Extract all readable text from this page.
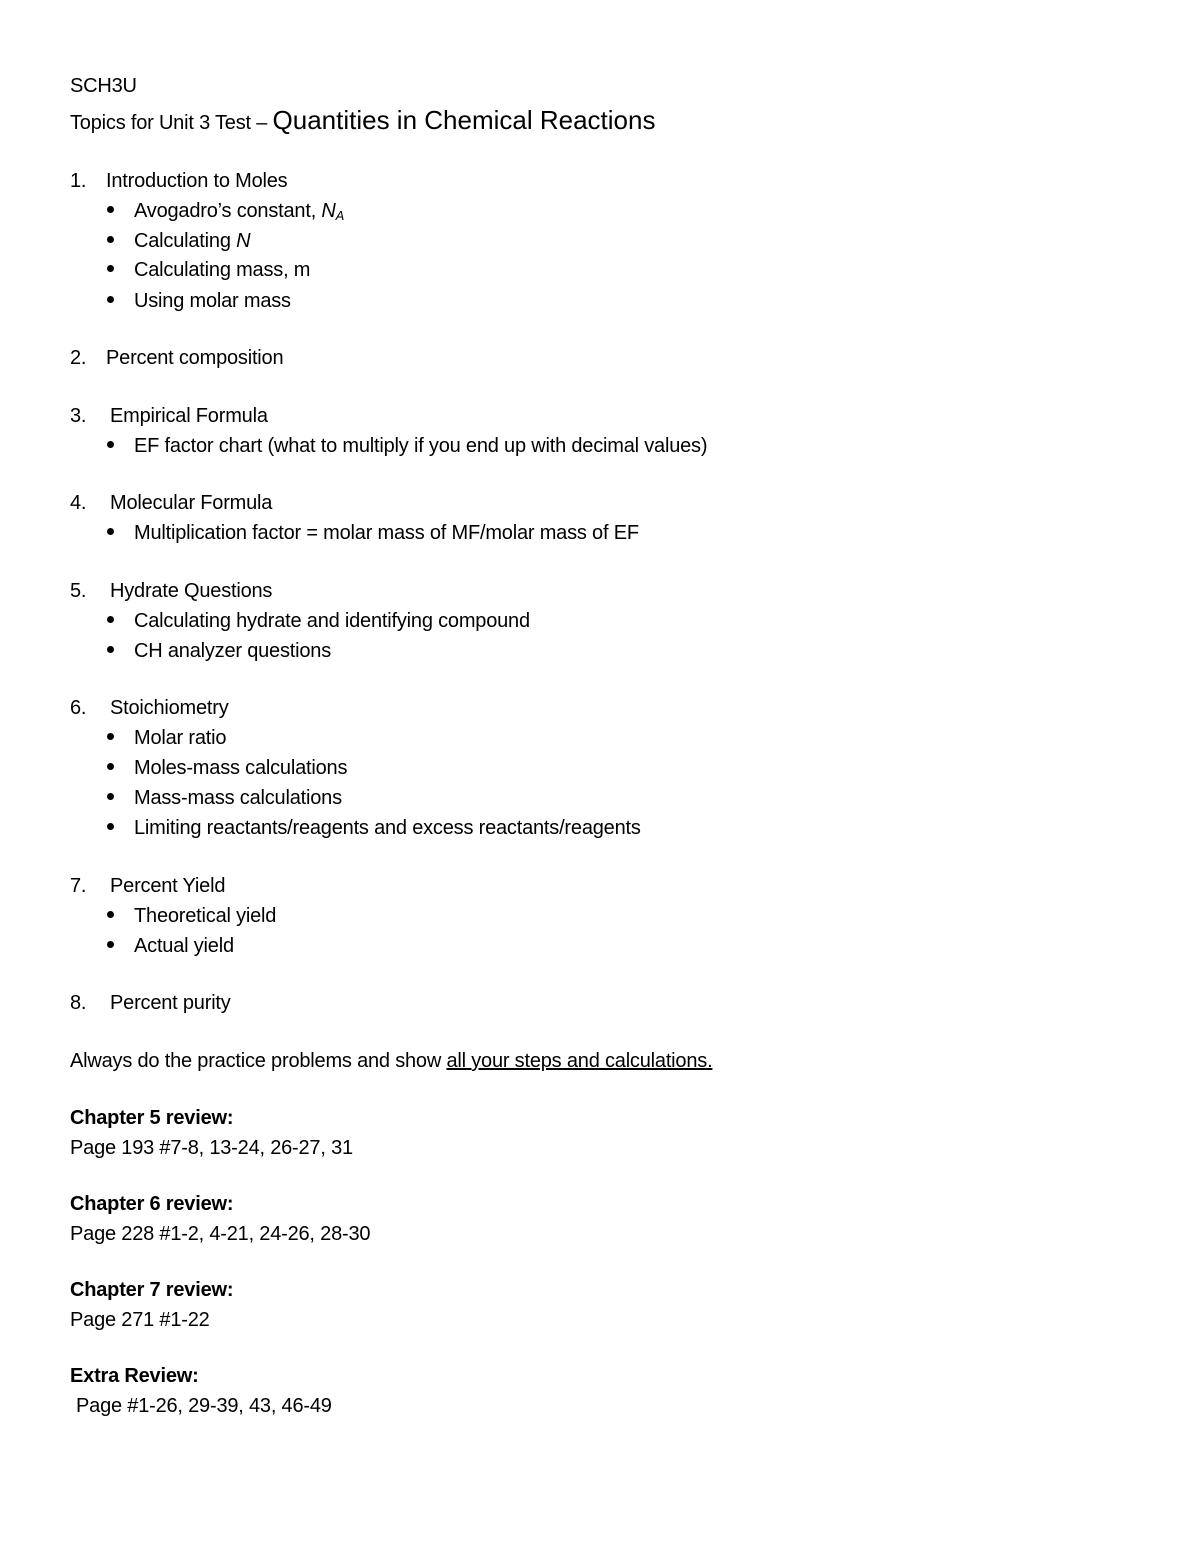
SCH3U
Topics for Unit 3 Test – Quantities in Chemical Reactions
1. Introduction to Moles
Avogadro’s constant, $N_A$
Calculating N
Calculating mass, m
Using molar mass
2. Percent composition
3. Empirical Formula
EF factor chart (what to multiply if you end up with decimal values)
4. Molecular Formula
Multiplication factor = molar mass of MF/molar mass of EF
5. Hydrate Questions
Calculating hydrate and identifying compound
CH analyzer questions
6. Stoichiometry
Molar ratio
Moles-mass calculations
Mass-mass calculations
Limiting reactants/reagents and excess reactants/reagents
7. Percent Yield
Theoretical yield
Actual yield
8. Percent purity
Always do the practice problems and show all your steps and calculations.
Chapter 5 review:
Page 193 #7-8, 13-24, 26-27, 31
Chapter 6 review:
Page 228 #1-2, 4-21, 24-26, 28-30
Chapter 7 review:
Page 271 #1-22
Extra Review:
Page #1-26, 29-39, 43, 46-49
